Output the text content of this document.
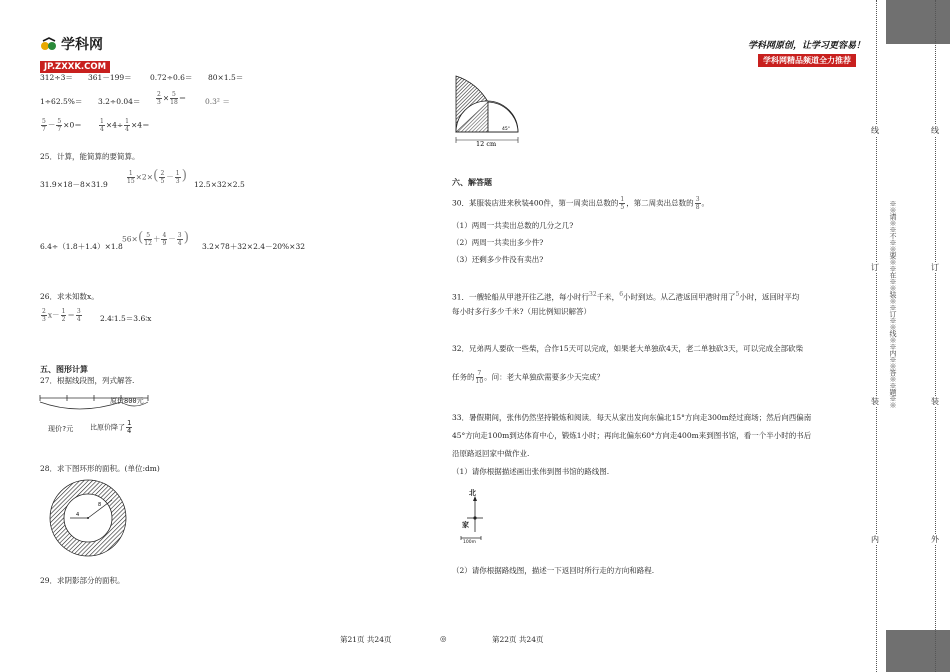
学科网
JP.ZXXK.COM
学科网原创，让学习更容易！
学科网精品频道全力推荐
312÷3＝ 361－199＝ 0.72÷0.6＝ 80×1.5＝
1÷62.5%＝ 3.2÷0.04＝	$\frac{2}{3} \times \frac{5}{18} = 0.3^2$ ＝
$\frac{5}{7} - \frac{5}{7} \times 0=$	$\frac{1}{4} \times 4\div \frac{1}{4} \times 4=$
25．计算，能简算的要简算。
31.9×18－8×31.9	$\frac{1}{15} \times 2\times( \frac{2}{5} - \frac{1}{3}$ )
12.5×32×2.5
6.4÷（1.8＋1.4）×1.8
$56\times( \frac{5}{12} + \frac{4}{9} - \frac{3}{4}$ )
3.2×78＋32×2.4－20%×32
26．求未知数x。
$\frac{2}{3} x- \frac{1}{2} = \frac{3}{4}$ 2.4∶1.5＝3.6∶x
五、图形计算
27．根据线段图，列式解答.
原价800元
现价?元 比原价降了 $\frac{1}{4}$
28．求下图环形的面积。(单位:dm)
4
8
29．求阴影部分的面积。
12 cm
45°
六、解答题
30．某服装店进来秋装400件，第一周卖出总数的 $\frac{1}{5}$ ，第二周卖出总数的 $\frac{3}{8}$ 。
（1）两周一共卖出总数的几分之几?
（2）两周一共卖出多少件?
（3）还剩多少件没有卖出?
31．一艘轮船从甲港开往乙港，每小时行$^{32}$千米，$^6$小时到达。从乙港返回甲港时用了$^5$小时，返回时平均
每小时多行多少千米?（用比例知识解答）
32．兄弟两人要砍一些柴，合作15天可以完成，如果老大单独砍4天，老二单独砍3天，可以完成全部砍柴
任务的 $\frac{7}{10}$ 。问：老大单独砍需要多少天完成？
33．暑假期间，张伟仍然坚持锻炼和阅读．每天从家出发向东偏北15°方向走300m经过商场；然后向西偏南
45°方向走100m到达体育中心，锻炼1小时；再向北偏东60°方向走400m来到图书馆，看一个半小时的书后
沿原路返回家中做作业.
（1）请你根据描述画出张伟到图书馆的路线图.
北
家
100m
（2）请你根据路线图，描述一下返回时所行走的方向和路程.
第21页 共24页	◎	第22页 共24页
线
订
装
内
※※请※※不※※要※※在※※装※※订※※线※※内※※答※※题※※
线
订
装
外
